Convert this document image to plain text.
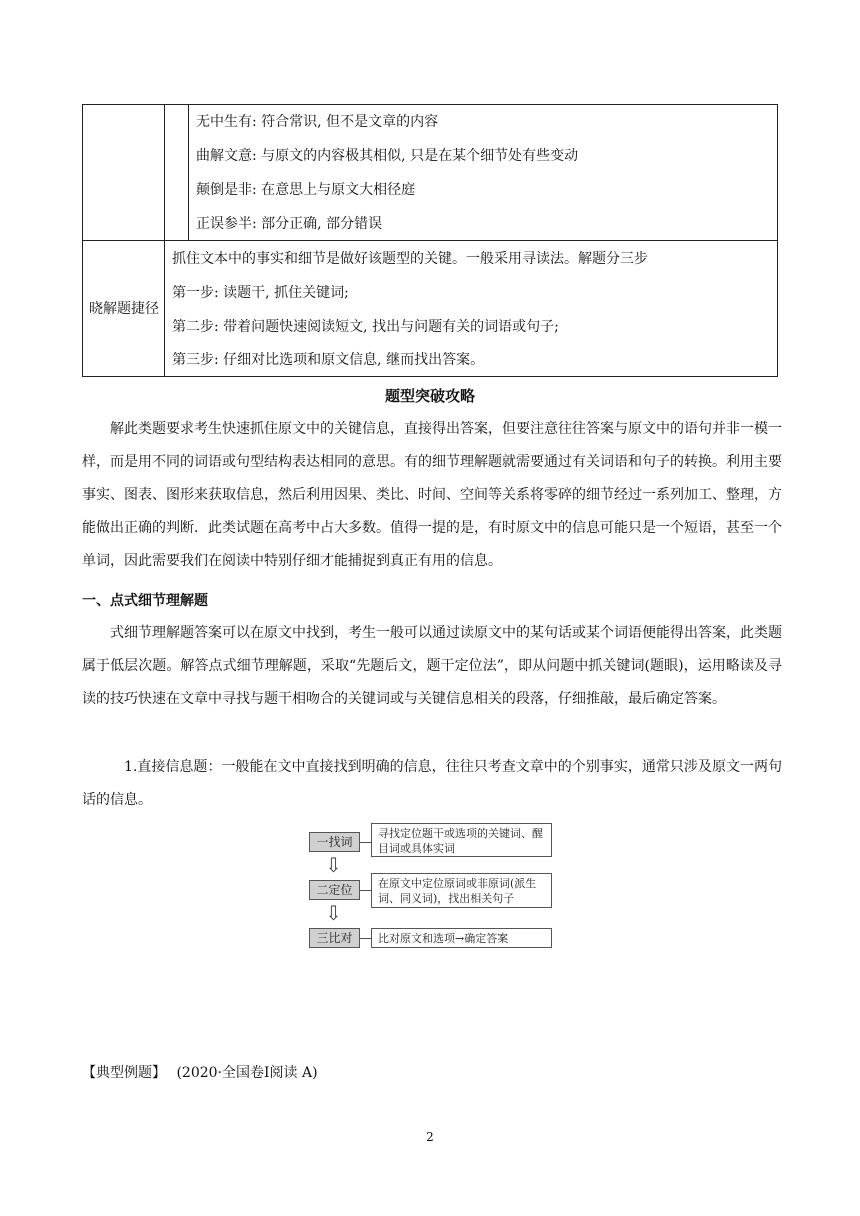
无中生有: 符合常识, 但不是文章的内容
曲解文意: 与原文的内容极其相似, 只是在某个细节处有些变动
颠倒是非: 在意思上与原文大相径庭
正误参半: 部分正确, 部分错误
晓解题捷径
抓住文本中的事实和细节是做好该题型的关键。一般采用寻读法。解题分三步
第一步: 读题干, 抓住关键词;
第二步: 带着问题快速阅读短文, 找出与问题有关的词语或句子;
第三步: 仔细对比选项和原文信息, 继而找出答案。
题型突破攻略
解此类题要求考生快速抓住原文中的关键信息，直接得出答案，但要注意往往答案与原文中的语句并非一模一样，而是用不同的词语或句型结构表达相同的意思。有的细节理解题就需要通过有关词语和句子的转换。利用主要事实、图表、图形来获取信息，然后利用因果、类比、时间、空间等关系将零碎的细节经过一系列加工、整理，方能做出正确的判断．此类试题在高考中占大多数。值得一提的是，有时原文中的信息可能只是一个短语，甚至一个单词，因此需要我们在阅读中特别仔细才能捕捉到真正有用的信息。
一、点式细节理解题
式细节理解题答案可以在原文中找到，考生一般可以通过读原文中的某句话或某个词语便能得出答案，此类题属于低层次题。解答点式细节理解题，采取“先题后文，题干定位法”，即从问题中抓关键词(题眼)，运用略读及寻读的技巧快速在文章中寻找与题干相吻合的关键词或与关键信息相关的段落，仔细推敲，最后确定答案。
1.直接信息题：一般能在文中直接找到明确的信息，往往只考查文章中的个别事实，通常只涉及原文一两句话的信息。
一找词
寻找定位题干或选项的关键词、醒目词或具体实词
⇩
二定位	在原文中定位原词或非原词(派生词、同义词)，找出相关句子
⇩
三比对	比对原文和选项→确定答案
【典型例题】 (2020·全国卷Ⅰ阅读 A)
2
